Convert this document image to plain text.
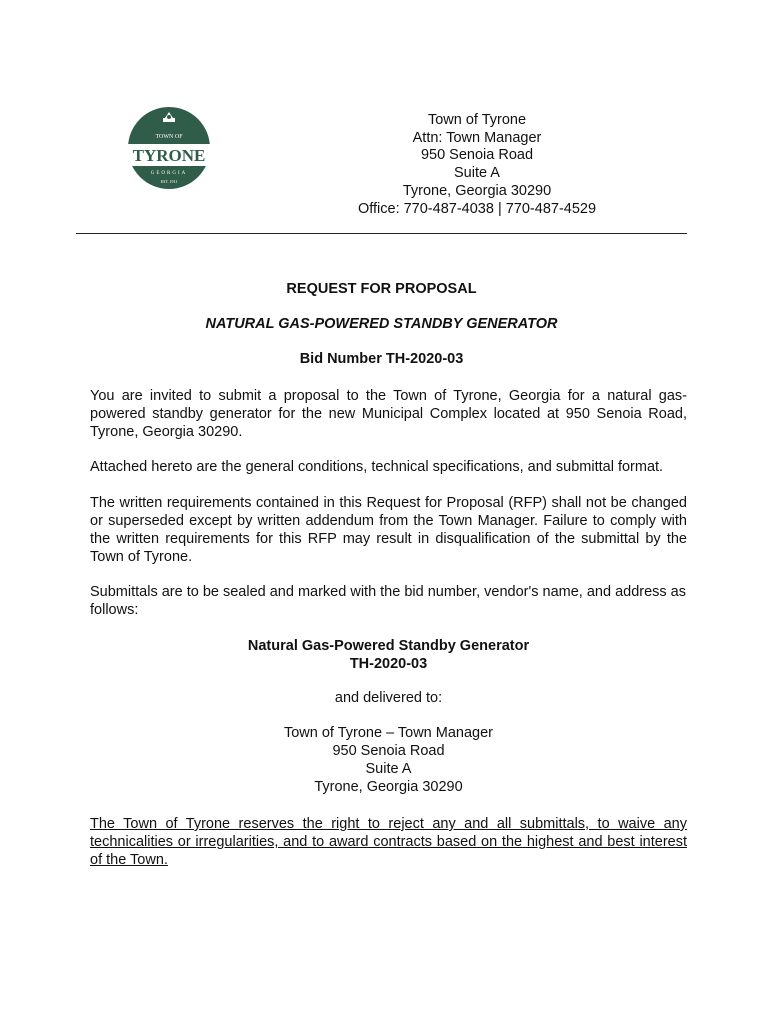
TOWN OF
TYRONE
GEORGIA
EST. 1911
Town of Tyrone
Attn: Town Manager
950 Senoia Road
Suite A
Tyrone, Georgia 30290
Office: 770-487-4038 | 770-487-4529
REQUEST FOR PROPOSAL
NATURAL GAS-POWERED STANDBY GENERATOR
Bid Number TH-2020-03

You are invited to submit a proposal to the Town of Tyrone, Georgia for a natural gas-powered standby generator for the new Municipal Complex located at 950 Senoia Road, Tyrone, Georgia 30290.

Attached hereto are the general conditions, technical specifications, and submittal format.

The written requirements contained in this Request for Proposal (RFP) shall not be changed or superseded except by written addendum from the Town Manager. Failure to comply with the written requirements for this RFP may result in disqualification of the submittal by the Town of Tyrone.

Submittals are to be sealed and marked with the bid number, vendor's name, and address as follows:

Natural Gas-Powered Standby Generator
TH-2020-03
and delivered to:
Town of Tyrone – Town Manager
950 Senoia Road
Suite A
Tyrone, Georgia 30290

The Town of Tyrone reserves the right to reject any and all submittals, to waive any technicalities or irregularities, and to award contracts based on the highest and best interest of the Town.
